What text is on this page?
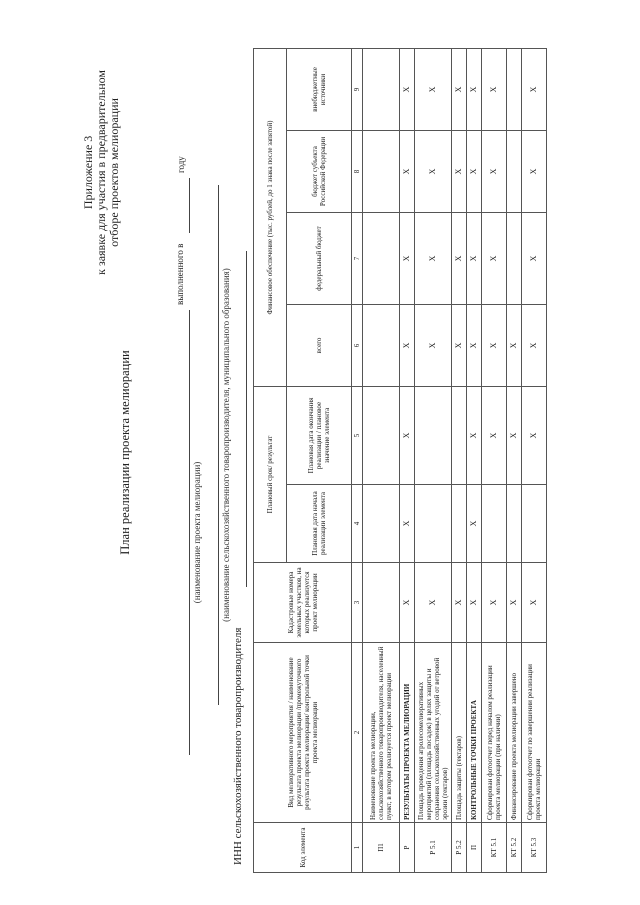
Приложение 3 к заявке для участия в предварительном отборе проектов мелиорации
План реализации проекта мелиорации
выполненного в
году
(наименование проекта мелиорации) (наименование сельскохозяйственного товаропроизводителя, муниципального образования)
ИНН сельскохозяйственного товаропроизводителя	Код элемента	Вид мелиоративного мероприятия / наименование результата проекта мелиорации /промежуточного результата проекта мелиорации/ контрольной точки проекта мелиорации	Кадастровые номера земельных участков, на которых реализуется проект мелиорации	Плановый срок/ результат		Финансовое обеспечение (тыс. рублей, до 1 знака после запятой)			
			Плановая дата начала реализации элемента	Плановая дата окончания реализации / плановое значение элемента	всего	федеральный бюджет	бюджет субъекта Российской Федерации	внебюджетные источники
1	2	3	4	5	6	7	8	9
П1	Наименование проекта мелиорации, сельскохозяйственного товаропроизводителя, населенный пункт, в котором реализуется проект мелиорации							
Р	РЕЗУЛЬТАТЫ ПРОЕКТА МЕЛИОРАЦИИ	X	X	X	X	X	X	X
Р 5.1	Площадь проведения агролесомелиоративных мероприятий (площадь посадок) в целях защиты и сохранения сельскохозяйственных угодий от ветровой эрозии (гектаров)	X			X	X	X	X
Р 5.2	Площадь защиты (гектаров)	X			X	X	X	X
П	КОНТРОЛЬНЫЕ ТОЧКИ ПРОЕКТА	X	X	X	X	X	X	X
КТ 5.1	Сформирован фотоотчет перед началом реализации проекта мелиорации (при наличии)	X		X	X	X	X	X
КТ 5.2	Финансирование проекта мелиорации завершено	X		X	X			
КТ 5.3	Сформирован фотоотчет по завершении реализации проекта мелиорации	X		X	X	X	X	X
